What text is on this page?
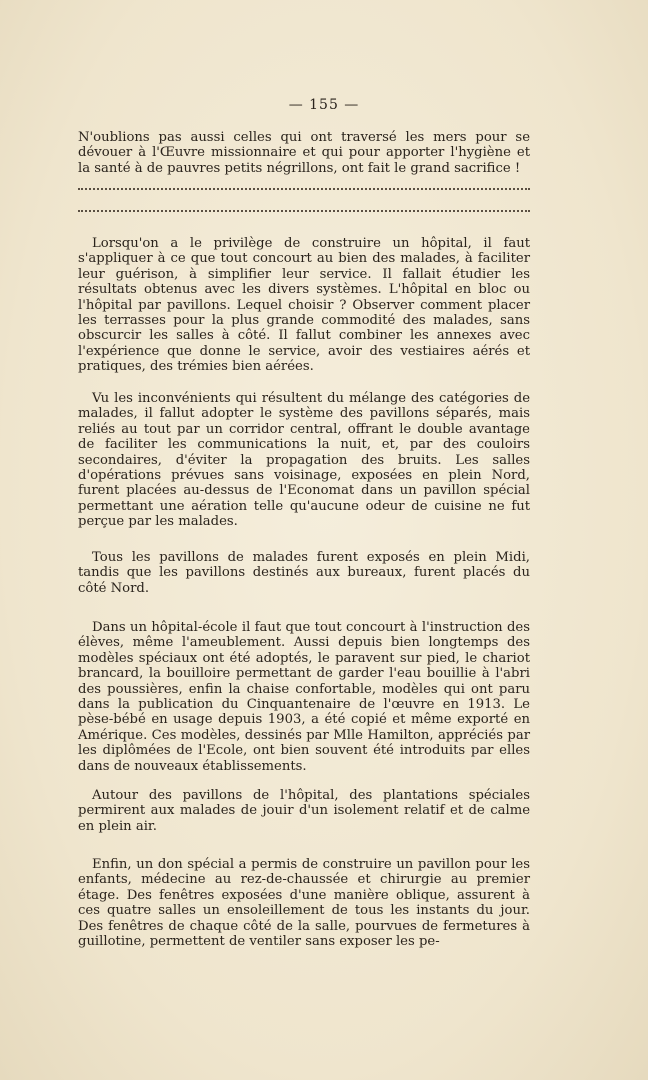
— 155 —

N'oublions pas aussi celles qui ont traversé les mers pour se dévouer à l'Œuvre missionnaire et qui pour apporter l'hygiène et la santé à de pauvres petits négrillons, ont fait le grand sacrifice !

Lorsqu'on a le privilège de construire un hôpital, il faut s'appliquer à ce que tout concourt au bien des malades, à faciliter leur guérison, à simplifier leur service. Il fallait étudier les résultats obtenus avec les divers systèmes. L'hôpital en bloc ou l'hôpital par pavillons. Lequel choisir ? Observer comment placer les terrasses pour la plus grande commodité des malades, sans obscurcir les salles à côté. Il fallut combiner les annexes avec l'expérience que donne le service, avoir des vestiaires aérés et pratiques, des trémies bien aérées.

Vu les inconvénients qui résultent du mélange des catégories de malades, il fallut adopter le système des pavillons séparés, mais reliés au tout par un corridor central, offrant le double avantage de faciliter les communications la nuit, et, par des couloirs secondaires, d'éviter la propagation des bruits. Les salles d'opérations prévues sans voisinage, exposées en plein Nord, furent placées au-dessus de l'Economat dans un pavillon spécial permettant une aération telle qu'aucune odeur de cuisine ne fut perçue par les malades.

Tous les pavillons de malades furent exposés en plein Midi, tandis que les pavillons destinés aux bureaux, furent placés du côté Nord.

Dans un hôpital-école il faut que tout concourt à l'instruction des élèves, même l'ameublement. Aussi depuis bien longtemps des modèles spéciaux ont été adoptés, le paravent sur pied, le chariot brancard, la bouilloire permettant de garder l'eau bouillie à l'abri des poussières, enfin la chaise confortable, modèles qui ont paru dans la publication du Cinquantenaire de l'œuvre en 1913. Le pèse-bébé en usage depuis 1903, a été copié et même exporté en Amérique. Ces modèles, dessinés par Mlle Hamilton, appréciés par les diplômées de l'Ecole, ont bien souvent été introduits par elles dans de nouveaux établissements.

Autour des pavillons de l'hôpital, des plantations spéciales permirent aux malades de jouir d'un isolement relatif et de calme en plein air.

Enfin, un don spécial a permis de construire un pavillon pour les enfants, médecine au rez-de-chaussée et chirurgie au premier étage. Des fenêtres exposées d'une manière oblique, assurent à ces quatre salles un ensoleillement de tous les instants du jour. Des fenêtres de chaque côté de la salle, pourvues de fermetures à guillotine, permettent de ventiler sans exposer les pe-
